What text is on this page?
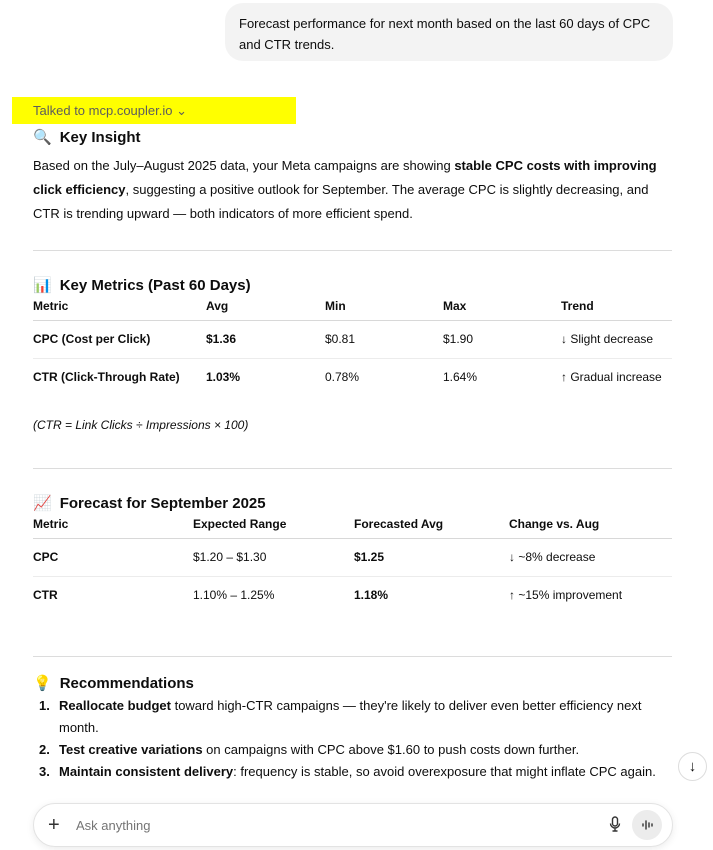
Forecast performance for next month based on the last 60 days of CPC and CTR trends.
Talked to mcp.coupler.io ⌄
🔍 Key Insight

Based on the July–August 2025 data, your Meta campaigns are showing stable CPC costs with improving click efficiency, suggesting a positive outlook for September. The average CPC is slightly decreasing, and CTR is trending upward — both indicators of more efficient spend.

📊 Key Metrics (Past 60 Days)
Metric	Avg	Min	Max	Trend
CPC (Cost per Click)	$1.36	$0.81	$1.90	↓ Slight decrease
CTR (Click-Through Rate)	1.03%	0.78%	1.64%	↑ Gradual increase

(CTR = Link Clicks ÷ Impressions × 100)

📈 Forecast for September 2025
Metric	Expected Range	Forecasted Avg	Change vs. Aug
CPC	$1.20 – $1.30	$1.25	↓ ~8% decrease
CTR	1.10% – 1.25%	1.18%	↑ ~15% improvement
💡 Recommendations
1. Reallocate budget toward high-CTR campaigns — they're likely to deliver even better efficiency next month.
2. Test creative variations on campaigns with CPC above $1.60 to push costs down further.
3. Maintain consistent delivery: frequency is stable, so avoid overexposure that might inflate CPC again. ↓
+
Ask anything
